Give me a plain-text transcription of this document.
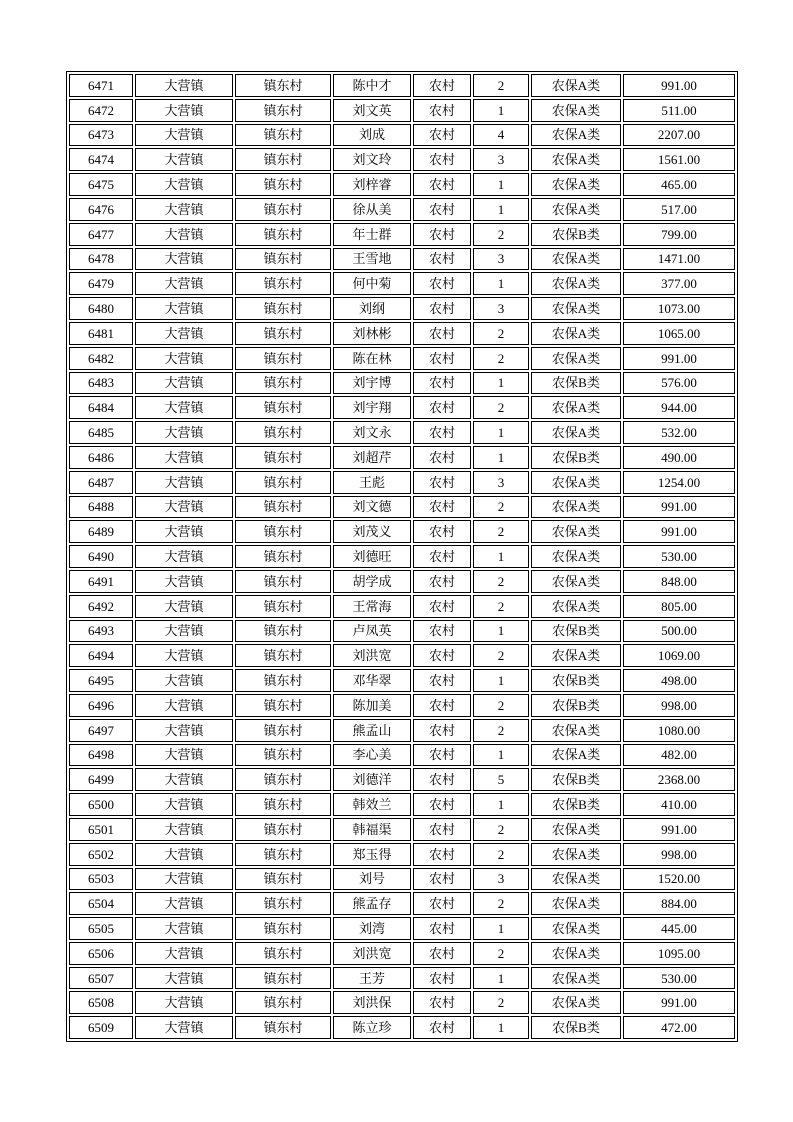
6471	大营镇	镇东村	陈中才	农村	2	农保A类	991.00
6472	大营镇	镇东村	刘文英	农村	1	农保A类	511.00
6473	大营镇	镇东村	刘成	农村	4	农保A类	2207.00
6474	大营镇	镇东村	刘文玲	农村	3	农保A类	1561.00
6475	大营镇	镇东村	刘梓睿	农村	1	农保A类	465.00
6476	大营镇	镇东村	徐从美	农村	1	农保A类	517.00
6477	大营镇	镇东村	年士群	农村	2	农保B类	799.00
6478	大营镇	镇东村	王雪地	农村	3	农保A类	1471.00
6479	大营镇	镇东村	何中菊	农村	1	农保A类	377.00
6480	大营镇	镇东村	刘纲	农村	3	农保A类	1073.00
6481	大营镇	镇东村	刘林彬	农村	2	农保A类	1065.00
6482	大营镇	镇东村	陈在林	农村	2	农保A类	991.00
6483	大营镇	镇东村	刘宇博	农村	1	农保B类	576.00
6484	大营镇	镇东村	刘宇翔	农村	2	农保A类	944.00
6485	大营镇	镇东村	刘文永	农村	1	农保A类	532.00
6486	大营镇	镇东村	刘超芹	农村	1	农保B类	490.00
6487	大营镇	镇东村	王彪	农村	3	农保A类	1254.00
6488	大营镇	镇东村	刘文德	农村	2	农保A类	991.00
6489	大营镇	镇东村	刘茂义	农村	2	农保A类	991.00
6490	大营镇	镇东村	刘德旺	农村	1	农保A类	530.00
6491	大营镇	镇东村	胡学成	农村	2	农保A类	848.00
6492	大营镇	镇东村	王常海	农村	2	农保A类	805.00
6493	大营镇	镇东村	卢凤英	农村	1	农保B类	500.00
6494	大营镇	镇东村	刘洪宽	农村	2	农保A类	1069.00
6495	大营镇	镇东村	邓华翠	农村	1	农保B类	498.00
6496	大营镇	镇东村	陈加美	农村	2	农保B类	998.00
6497	大营镇	镇东村	熊孟山	农村	2	农保A类	1080.00
6498	大营镇	镇东村	李心美	农村	1	农保A类	482.00
6499	大营镇	镇东村	刘德洋	农村	5	农保B类	2368.00
6500	大营镇	镇东村	韩效兰	农村	1	农保B类	410.00
6501	大营镇	镇东村	韩福渠	农村	2	农保A类	991.00
6502	大营镇	镇东村	郑玉得	农村	2	农保A类	998.00
6503	大营镇	镇东村	刘号	农村	3	农保A类	1520.00
6504	大营镇	镇东村	熊孟存	农村	2	农保A类	884.00
6505	大营镇	镇东村	刘湾	农村	1	农保A类	445.00
6506	大营镇	镇东村	刘洪宽	农村	2	农保A类	1095.00
6507	大营镇	镇东村	王芳	农村	1	农保A类	530.00
6508	大营镇	镇东村	刘洪保	农村	2	农保A类	991.00
6509	大营镇	镇东村	陈立珍	农村	1	农保B类	472.00
